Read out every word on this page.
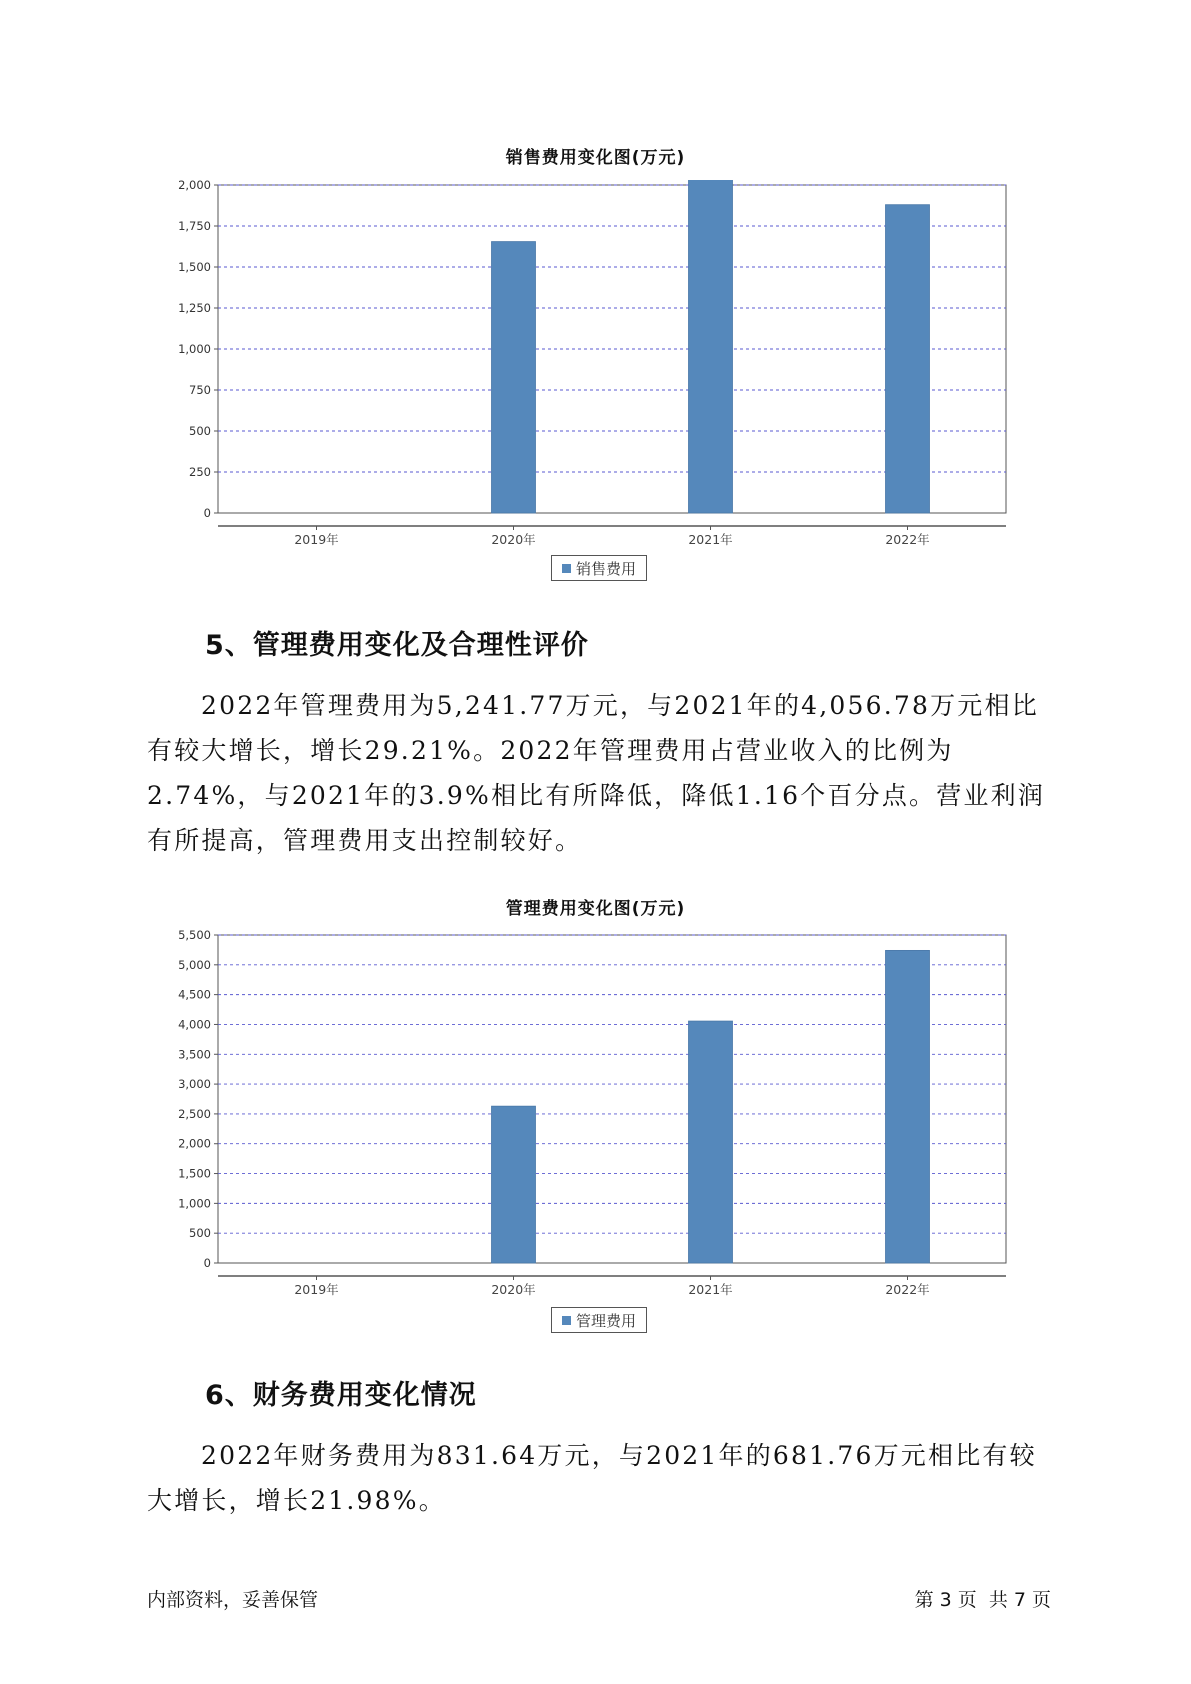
销售费用变化图(万元)
0
250
500
750
1,000
1,250
1,500
1,750
2,000
2019年	2020年	2021年	2022年
销售费用
5、管理费用变化及合理性评价

2022年管理费用为5,241.77万元，与2021年的4,056.78万元相比有较大增长，增长29.21%。2022年管理费用占营业收入的比例为2.74%，与2021年的3.9%相比有所降低，降低1.16个百分点。营业利润有所提高，管理费用支出控制较好。

管理费用变化图(万元)
0
500
1,000
1,500
2,000
2,500
3,000
3,500
4,000
4,500
5,000
5,500
2019年	2020年	2021年	2022年
管理费用
6、财务费用变化情况

2022年财务费用为831.64万元，与2021年的681.76万元相比有较大增长，增长21.98%。

内部资料，妥善保管	第 3 页  共 7 页
